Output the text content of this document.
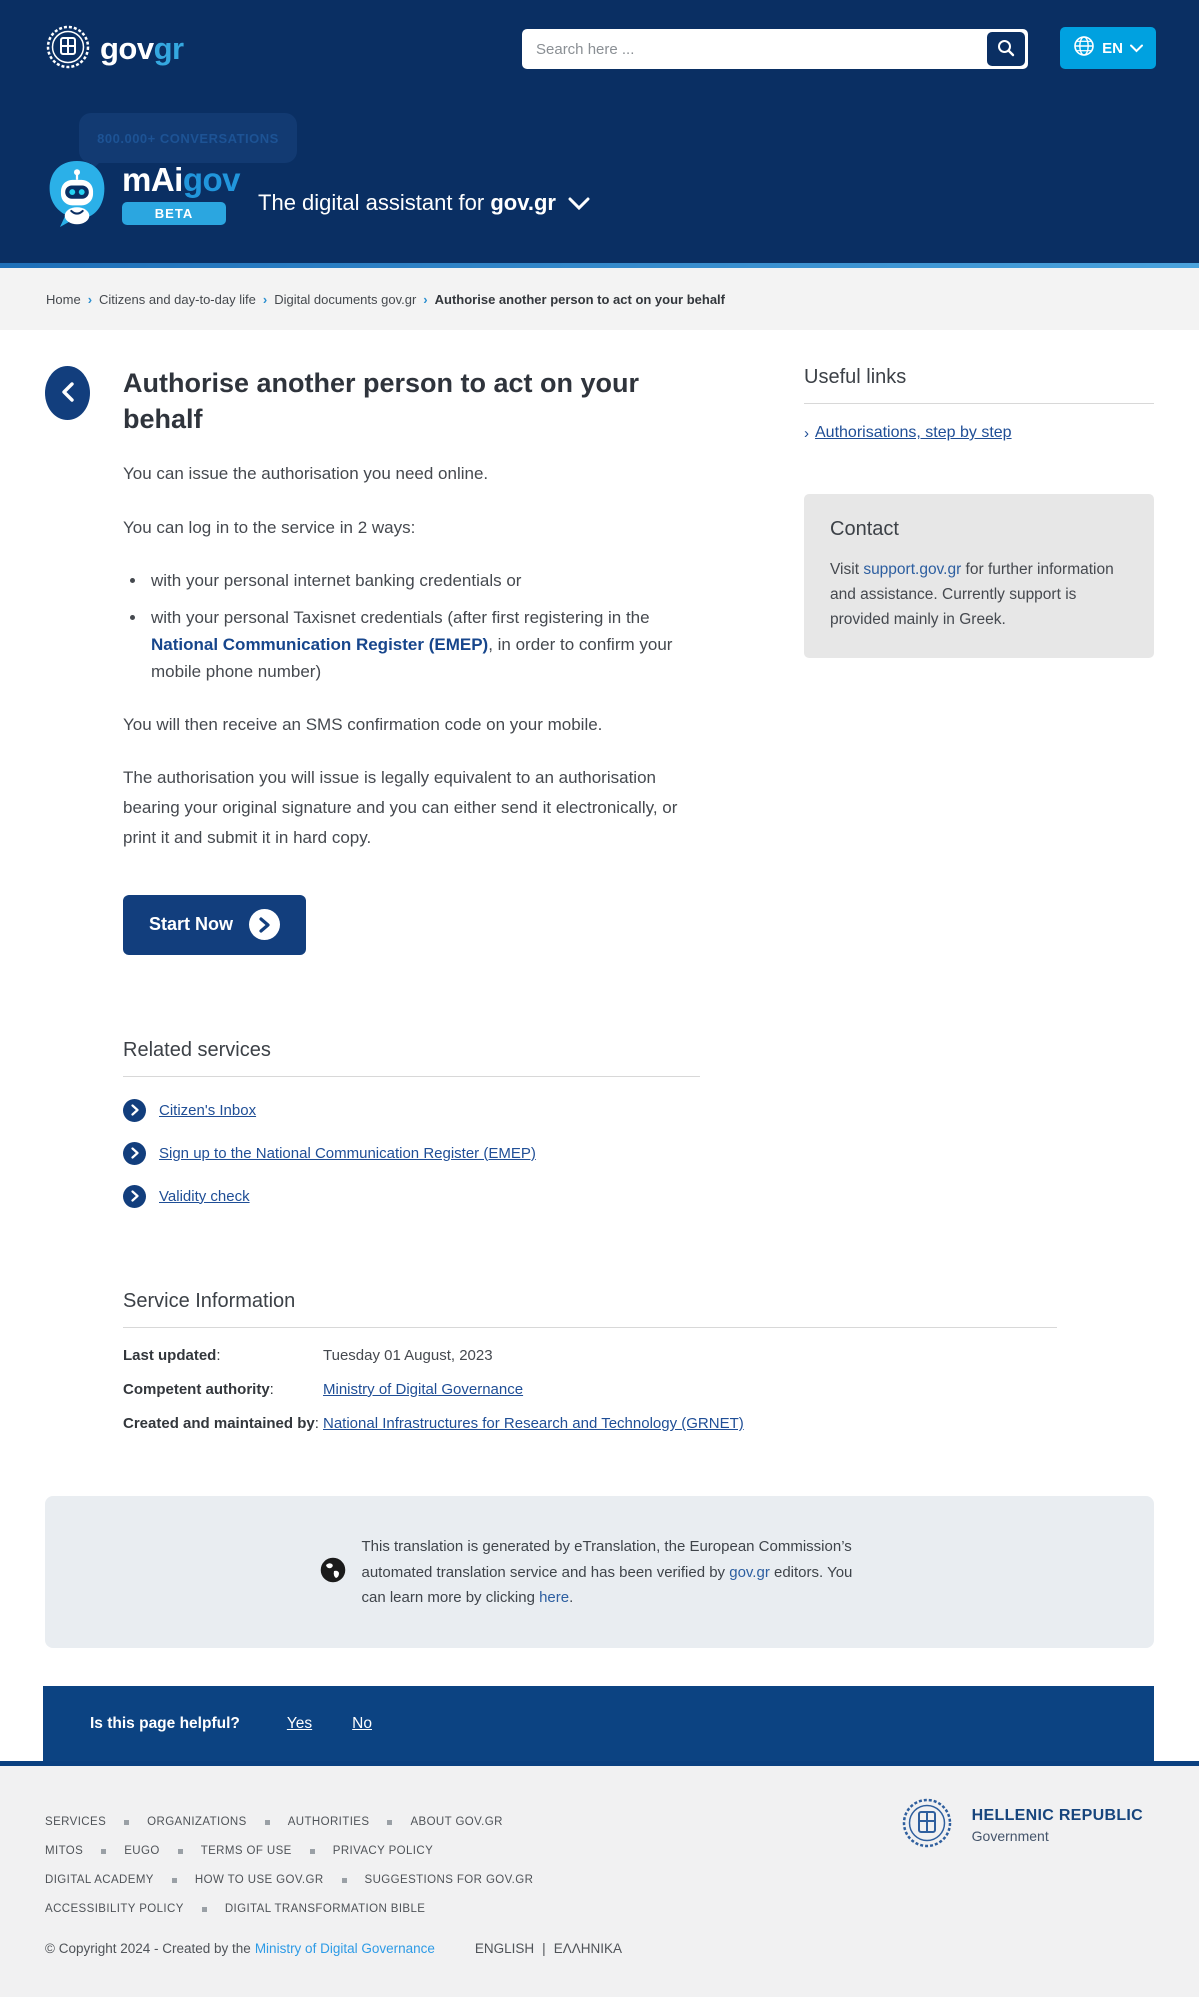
govgr
Search here ...	EN
800.000+ CONVERSATIONS
mAigov
BETA	The digital assistant for gov.gr
Home › Citizens and day-to-day life › Digital documents gov.gr › Authorise another person to act on your behalf
Authorise another person to act on your behalf

You can issue the authorisation you need online.

You can log in to the service in 2 ways:

• with your personal internet banking credentials or
• with your personal Taxisnet credentials (after first registering in the National Communication Register (EMEP), in order to confirm your mobile phone number)

You will then receive an SMS confirmation code on your mobile.

The authorisation you will issue is legally equivalent to an authorisation bearing your original signature and you can either send it electronically, or print it and submit it in hard copy.

Start Now
Related services
Citizen's Inbox
Sign up to the National Communication Register (EMEP)
Validity check
Useful links
› Authorisations, step by step
Contact
Visit support.gov.gr for further information and assistance. Currently support is provided mainly in Greek.
Service Information
Last updated:	Tuesday 01 August, 2023
Competent authority:	Ministry of Digital Governance
Created and maintained by: National Infrastructures for Research and Technology (GRNET)
This translation is generated by eTranslation, the European Commission’s automated translation service and has been verified by gov.gr editors. You can learn more by clicking here.
Is this page helpful?	Yes	No
SERVICES	ORGANIZATIONS	AUTHORITIES	ABOUT GOV.GR
MITOS	EUGO	TERMS OF USE	PRIVACY POLICY
DIGITAL ACADEMY	HOW TO USE GOV.GR	SUGGESTIONS FOR GOV.GR
ACCESSIBILITY POLICY	DIGITAL TRANSFORMATION BIBLE
HELLENIC REPUBLIC
Government
© Copyright 2024 - Created by the Ministry of Digital Governance	ENGLISH | ΕΛΛΗΝΙΚΑ
